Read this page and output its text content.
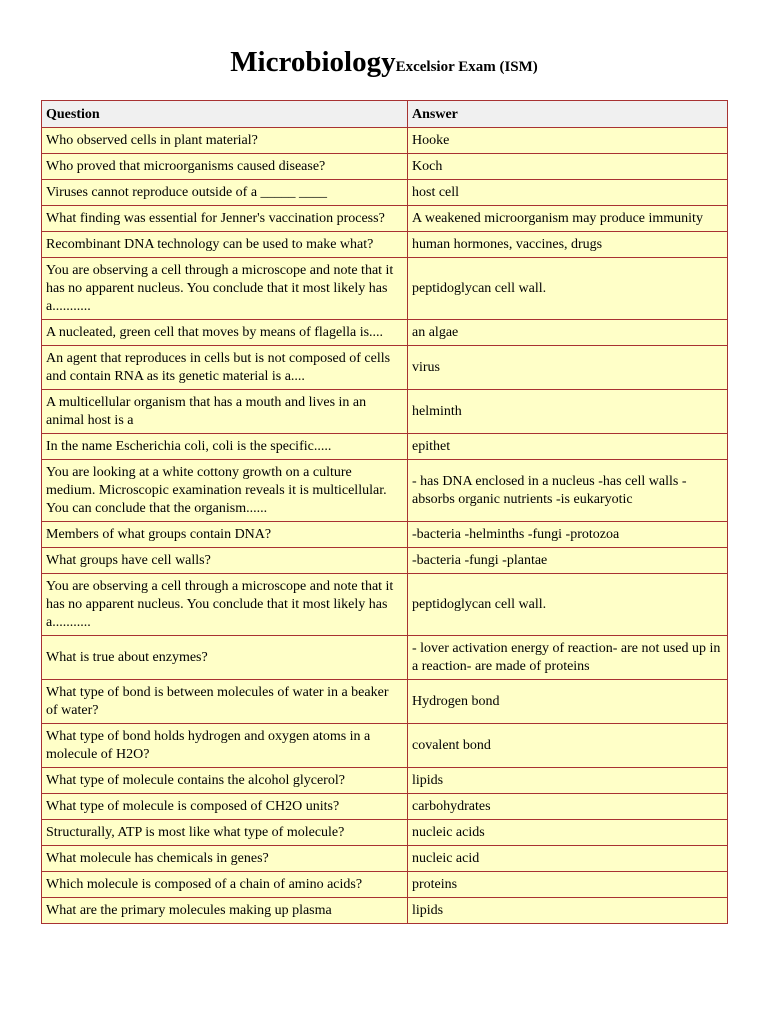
MicrobiologyExcelsior Exam (ISM)
Question	Answer

Who observed cells in plant material?	Hooke

Who proved that microorganisms caused disease?	Koch

Viruses cannot reproduce outside of a _____ ____	host cell

What finding was essential for Jenner's vaccination process?	A weakened microorganism may produce immunity

Recombinant DNA technology can be used to make what?	human hormones, vaccines, drugs

You are observing a cell through a microscope and note that it has no apparent nucleus. You conclude that it most likely has a...........	peptidoglycan cell wall.

A nucleated, green cell that moves by means of flagella is....	an algae

An agent that reproduces in cells but is not composed of cells and contain RNA as its genetic material is a....	virus

A multicellular organism that has a mouth and lives in an animal host is a	helminth

In the name Escherichia coli, coli is the specific.....	epithet

You are looking at a white cottony growth on a culture medium. Microscopic examination reveals it is multicellular. You can conclude that the organism......	- has DNA enclosed in a nucleus -has cell walls -absorbs organic nutrients -is eukaryotic

Members of what groups contain DNA?	-bacteria -helminths -fungi -protozoa

What groups have cell walls?	-bacteria -fungi -plantae

You are observing a cell through a microscope and note that it has no apparent nucleus. You conclude that it most likely has a...........	peptidoglycan cell wall.

What is true about enzymes?	- lover activation energy of reaction- are not used up in a reaction- are made of proteins

What type of bond is between molecules of water in a beaker of water?	Hydrogen bond

What type of bond holds hydrogen and oxygen atoms in a molecule of H2O?	covalent bond

What type of molecule contains the alcohol glycerol?	lipids

What type of molecule is composed of CH2O units?	carbohydrates

Structurally, ATP is most like what type of molecule?	nucleic acids

What molecule has chemicals in genes?	nucleic acid

Which molecule is composed of a chain of amino acids?	proteins

What are the primary molecules making up plasma	lipids
